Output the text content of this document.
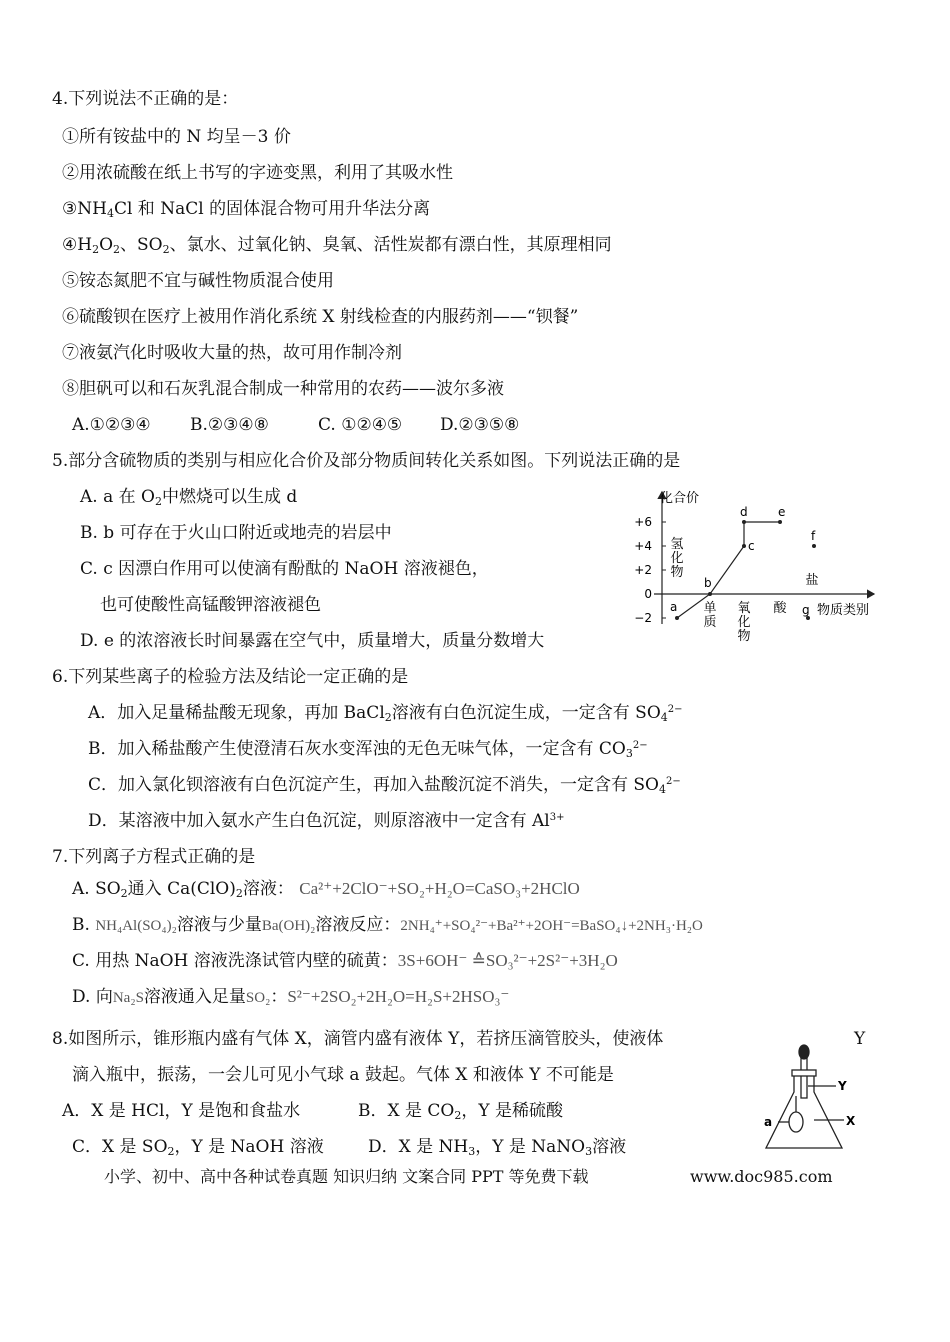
4.下列说法不正确的是：
①所有铵盐中的 N 均呈－3 价
②用浓硫酸在纸上书写的字迹变黑，利用了其吸水性
$③NH_4Cl$ 和 NaCl 的固体混合物可用升华法分离
$④H_2O_2$、$SO_2$、氯水、过氧化钠、臭氧、活性炭都有漂白性，其原理相同
⑤铵态氮肥不宜与碱性物质混合使用
⑥硫酸钡在医疗上被用作消化系统 X 射线检查的内服药剂——“钡餐”
⑦液氨汽化时吸收大量的热，故可用作制冷剂
⑧胆矾可以和石灰乳混合制成一种常用的农药——波尔多液
A.①②③④ B.②③④⑧	C. ①②④⑤ D.②③⑤⑧
5.部分含硫物质的类别与相应化合价及部分物质间转化关系如图。下列说法正确的是
A. a 在 $O_2$中燃烧可以生成 d
B. b 可存在于火山口附近或地壳的岩层中
C. c 因漂白作用可以使滴有酚酞的 NaOH 溶液褪色，
也可使酸性高锰酸钾溶液褪色
D. e 的浓溶液长时间暴露在空气中，质量增大，质量分数增大
化合价
物质类别
+6
+4
+2
0
−2
氢
化
物
单
质
氧
化
物
酸
盐
a
b
c
d	e
f
g
6.下列某些离子的检验方法及结论一定正确的是
A．加入足量稀盐酸无现象，再加 BaCl$_2$溶液有白色沉淀生成，一定含有 $SO_4^{2-}$
B．加入稀盐酸产生使澄清石灰水变浑浊的无色无味气体，一定含有 $CO_3^{2-}$
C．加入氯化钡溶液有白色沉淀产生，再加入盐酸沉淀不消失，一定含有 $SO_4^{2-}$
D．某溶液中加入氨水产生白色沉淀，则原溶液中一定含有 $Al^{3+}$
7.下列离子方程式正确的是
A. $SO_2$通入 $Ca(ClO)_2$溶液： Ca²⁺+2ClO⁻+SO₂+H₂O=CaSO₃+2HClO
B. NH₄Al(SO₄)₂溶液与少量Ba(OH)₂溶液反应：2NH₄⁺+SO₄²⁻+Ba²⁺+2OH⁻=BaSO₄↓+2NH₃·H₂O
C. 用热 NaOH 溶液洗涤试管内壁的硫黄：3S+6OH⁻ ≙SO₃²⁻+2S²⁻+3H₂O
D. 向Na₂S溶液通入足量SO₂：S²⁻+2SO₂+2H₂O=H₂S+2HSO₃⁻
8.如图所示，锥形瓶内盛有气体 X，滴管内盛有液体 Y，若挤压滴管胶头，使液体	Y
滴入瓶中，振荡，一会儿可见小气球 a 鼓起。气体 X 和液体 Y 不可能是
A．X 是 HCl，Y 是饱和食盐水	B．X 是 $CO_2$，Y 是稀硫酸
C．X 是 $SO_2$，Y 是 NaOH 溶液	D．X 是 $NH_3$，Y 是 NaNO$_3$溶液
Y
X
a
小学、初中、高中各种试卷真题 知识归纳 文案合同 PPT 等免费下载	www.doc985.com
